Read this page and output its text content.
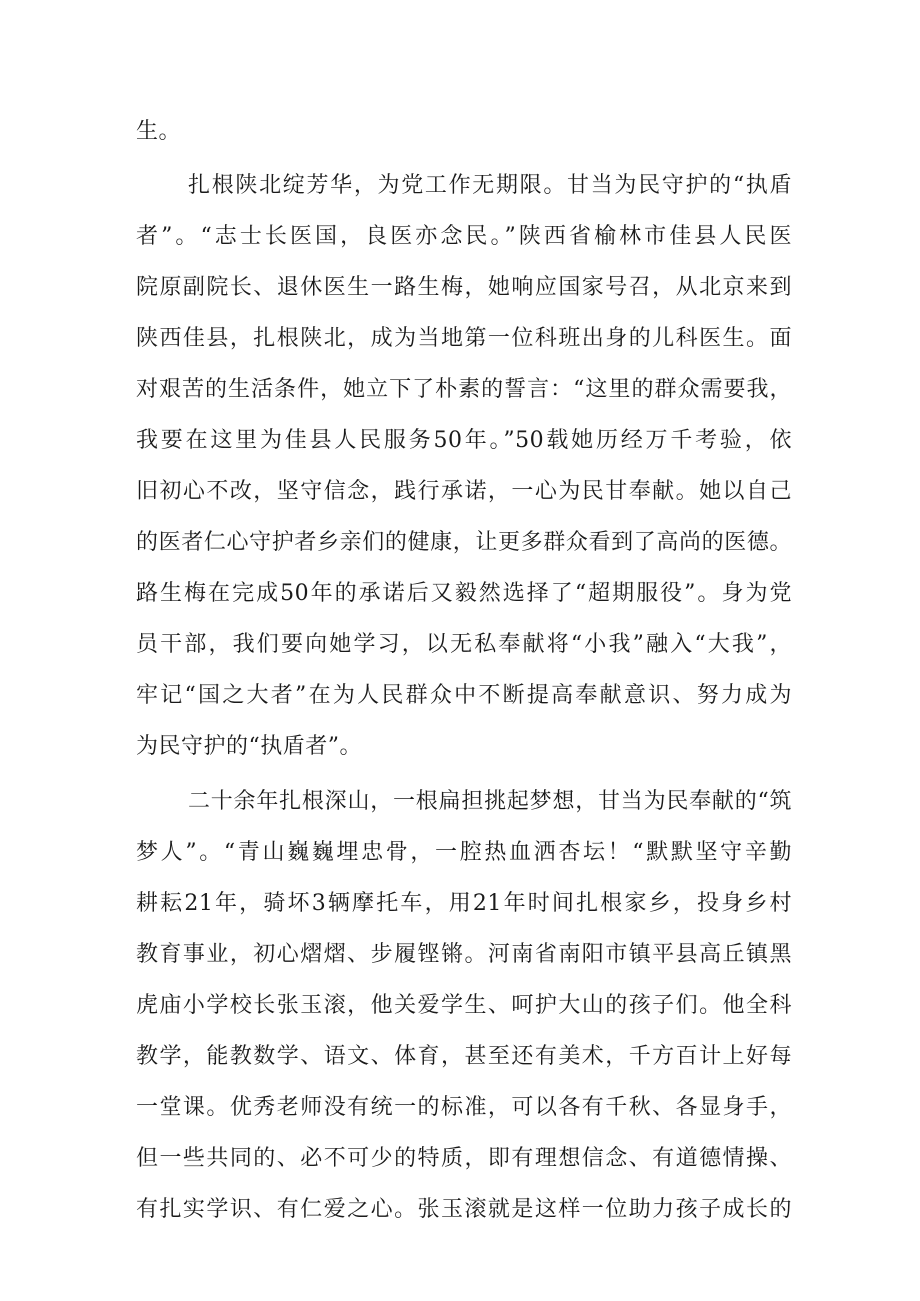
生。
扎根陕北绽芳华，为党工作无期限。甘当为民守护的“执盾
者”。“志士长医国，良医亦念民。”陕西省榆林市佳县人民医
院原副院长、退休医生一路生梅，她响应国家号召，从北京来到
陕西佳县，扎根陕北，成为当地第一位科班出身的儿科医生。面
对艰苦的生活条件，她立下了朴素的誓言：“这里的群众需要我，
我要在这里为佳县人民服务50年。”50载她历经万千考验，依
旧初心不改，坚守信念，践行承诺，一心为民甘奉献。她以自己
的医者仁心守护者乡亲们的健康，让更多群众看到了高尚的医德。
路生梅在完成50年的承诺后又毅然选择了“超期服役”。身为党
员干部，我们要向她学习，以无私奉献将“小我”融入“大我”，
牢记“国之大者”在为人民群众中不断提高奉献意识、努力成为
为民守护的“执盾者”。
二十余年扎根深山，一根扁担挑起梦想，甘当为民奉献的“筑
梦人”。“青山巍巍埋忠骨，一腔热血洒杏坛！“默默坚守辛勤
耕耘21年，骑坏3辆摩托车，用21年时间扎根家乡，投身乡村
教育事业，初心熠熠、步履铿锵。河南省南阳市镇平县高丘镇黑
虎庙小学校长张玉滚，他关爱学生、呵护大山的孩子们。他全科
教学，能教数学、语文、体育，甚至还有美术，千方百计上好每
一堂课。优秀老师没有统一的标准，可以各有千秋、各显身手，
但一些共同的、必不可少的特质，即有理想信念、有道德情操、
有扎实学识、有仁爱之心。张玉滚就是这样一位助力孩子成长的
